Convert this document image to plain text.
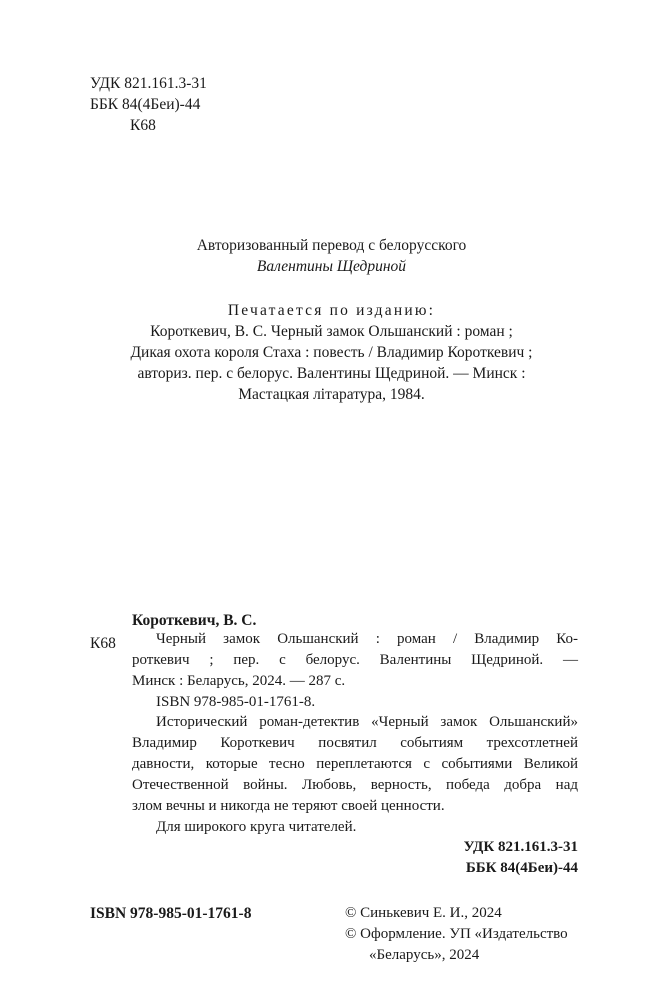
УДК 821.161.3-31
ББК 84(4Беи)-44
К68
Авторизованный перевод с белорусского
Валентины Щедриной
Печатается по изданию:
Короткевич, В. С. Черный замок Ольшанский : роман ;
Дикая охота короля Стаха : повесть / Владимир Короткевич ;
авториз. пер. с белорус. Валентины Щедриной. — Минск :
Мастацкая лiтаратура, 1984.
Короткевич, В. С.
К68	Черный замок Ольшанский : роман / Владимир Ко-
роткевич ; пер. с белорус. Валентины Щедриной. —
Минск : Беларусь, 2024. — 287 с.
ISBN 978-985-01-1761-8.
Исторический роман-детектив «Черный замок Ольшанский»
Владимир Короткевич посвятил событиям трехсотлетней
давности, которые тесно переплетаются с событиями Великой
Отечественной войны. Любовь, верность, победа добра над
злом вечны и никогда не теряют своей ценности.
Для широкого круга читателей.
УДК 821.161.3-31
ББК 84(4Беи)-44
ISBN 978-985-01-1761-8	© Синькевич Е. И., 2024
© Оформление. УП «Издательство
«Беларусь», 2024
